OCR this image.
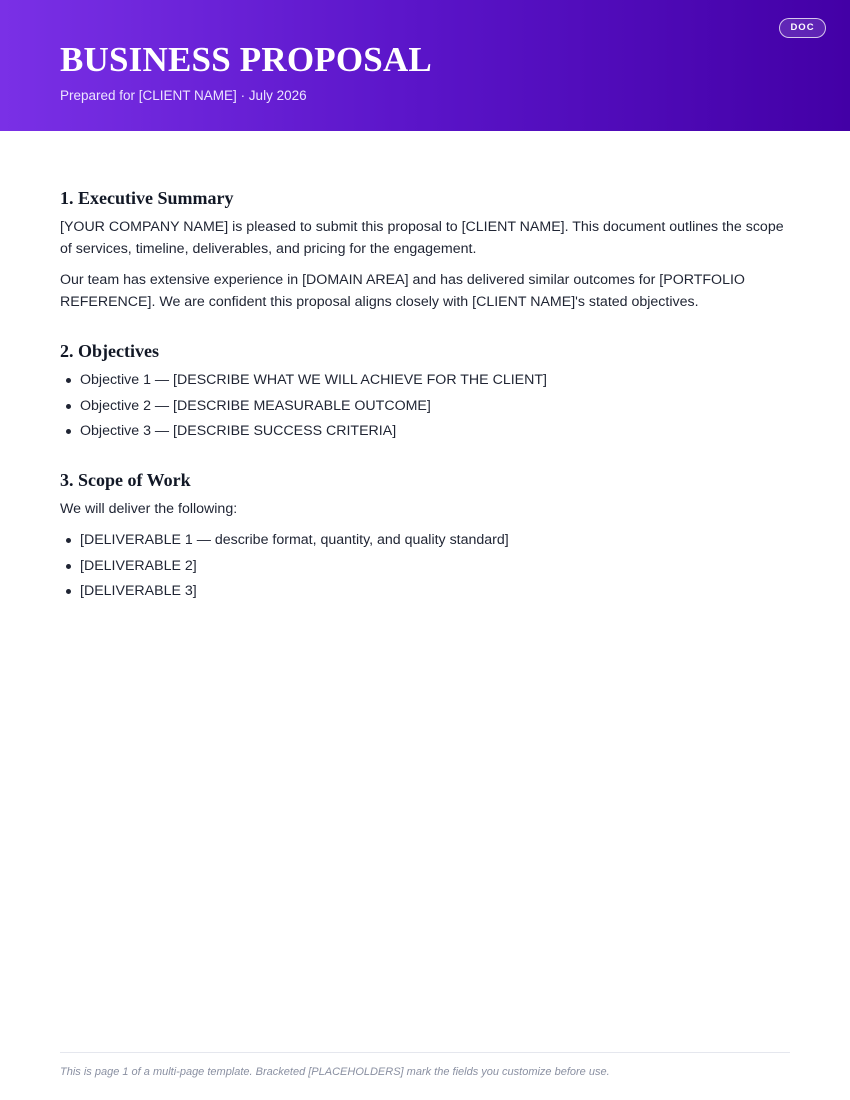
BUSINESS PROPOSAL
Prepared for [CLIENT NAME] · July 2026
DOC
1. Executive Summary

[YOUR COMPANY NAME] is pleased to submit this proposal to [CLIENT NAME]. This document outlines the scope of services, timeline, deliverables, and pricing for the engagement.

Our team has extensive experience in [DOMAIN AREA] and has delivered similar outcomes for [PORTFOLIO REFERENCE]. We are confident this proposal aligns closely with [CLIENT NAME]'s stated objectives.

2. Objectives
Objective 1 — [DESCRIBE WHAT WE WILL ACHIEVE FOR THE CLIENT]
Objective 2 — [DESCRIBE MEASURABLE OUTCOME]
Objective 3 — [DESCRIBE SUCCESS CRITERIA]
3. Scope of Work

We will deliver the following:

[DELIVERABLE 1 — describe format, quantity, and quality standard]
[DELIVERABLE 2]
[DELIVERABLE 3]
This is page 1 of a multi-page template. Bracketed [PLACEHOLDERS] mark the fields you customize before use.
